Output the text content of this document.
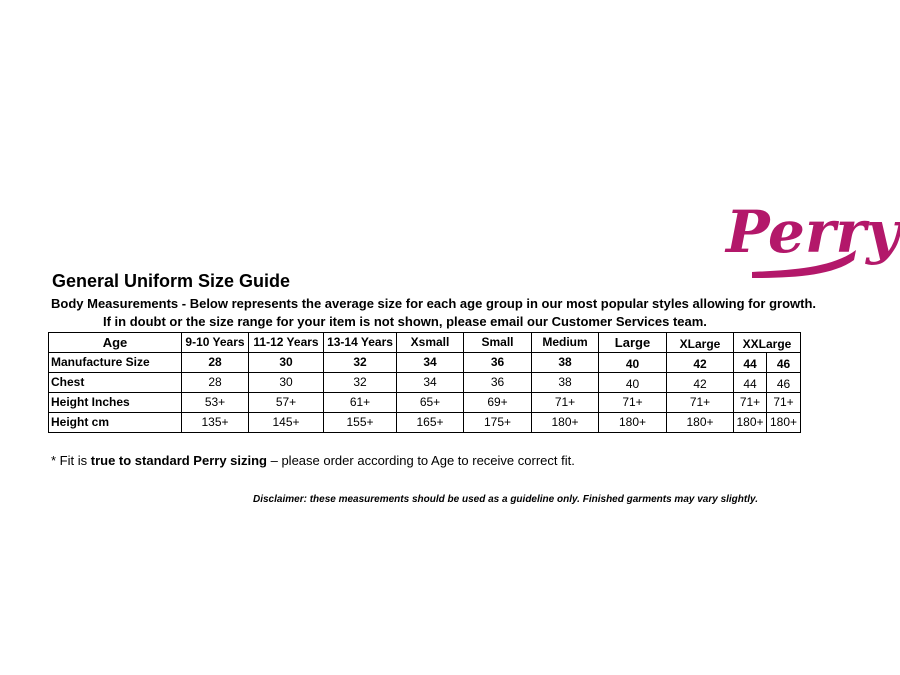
Perry
General Uniform Size Guide
Body Measurements - Below represents the average size for each age group in our most popular styles allowing for growth.
If in doubt or the size range for your item is not shown, please email our Customer Services team.
Age	9-10 Years	11-12 Years	13-14 Years	Xsmall	Small	Medium	Large	XLarge	XXLarge	
Manufacture Size	28	30	32	34	36	38	40	42	44	46
Chest	28	30	32	34	36	38	40	42	44	46
Height Inches	53+	57+	61+	65+	69+	71+	71+	71+	71+	71+
Height cm	135+	145+	155+	165+	175+	180+	180+	180+	180+	180+
* Fit is true to standard Perry sizing – please order according to Age to receive correct fit.
Disclaimer: these measurements should be used as a guideline only. Finished garments may vary slightly.
